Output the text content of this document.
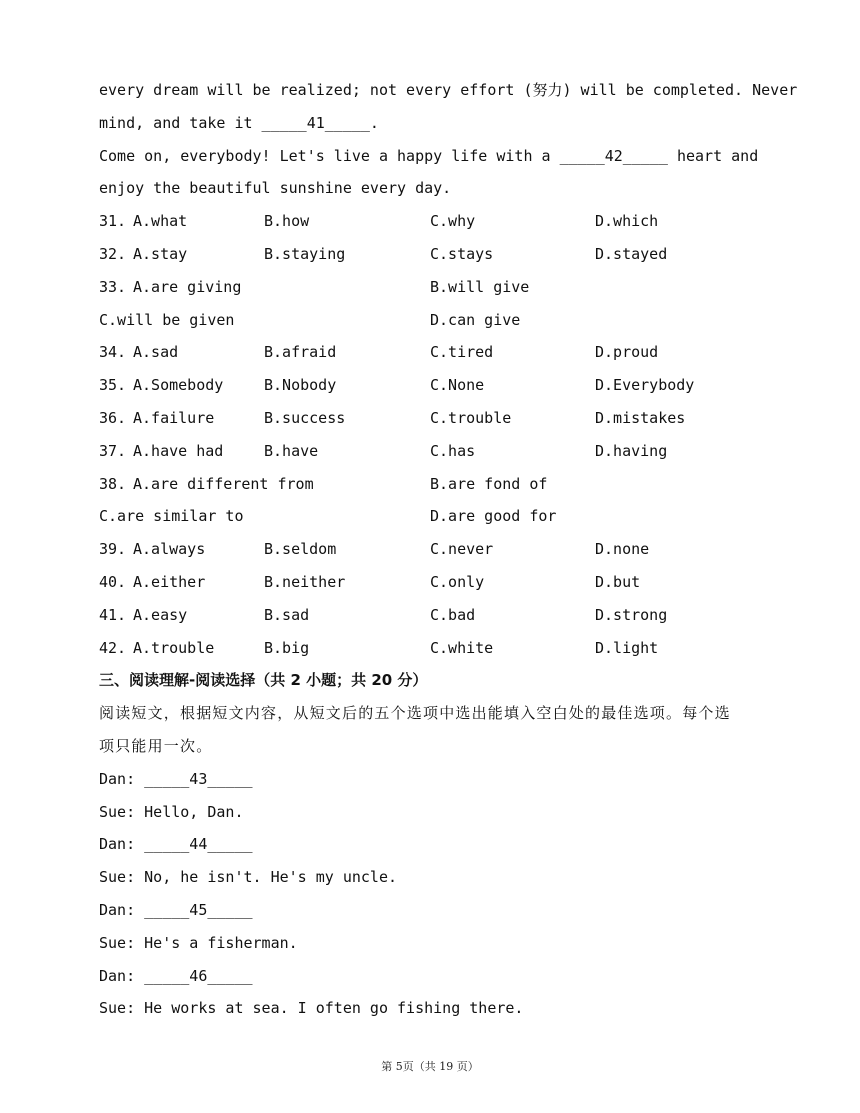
every dream will be realized; not every effort (努力) will be completed. Never
mind, and take it _____41_____.
Come on, everybody! Let's live a happy life with a _____42_____ heart and
enjoy the beautiful sunshine every day.
31. A.what	B.how	C.why	D.which
32. A.stay	B.staying	C.stays	D.stayed
33. A.are giving	B.will give
C.will be given	D.can give
34. A.sad	B.afraid	C.tired	D.proud
35. A.Somebody	B.Nobody	C.None	D.Everybody
36. A.failure	B.success	C.trouble	D.mistakes
37. A.have had	B.have	C.has	D.having
38. A.are different from	B.are fond of
C.are similar to	D.are good for
39. A.always	B.seldom	C.never	D.none
40. A.either	B.neither	C.only	D.but
41. A.easy	B.sad	C.bad	D.strong
42. A.trouble	B.big	C.white	D.light
三、阅读理解-阅读选择（共 2 小题；共 20 分）
阅读短文，根据短文内容，从短文后的五个选项中选出能填入空白处的最佳选项。每个选
项只能用一次。
Dan: _____43_____
Sue: Hello, Dan.
Dan: _____44_____
Sue: No, he isn't. He's my uncle.
Dan: _____45_____
Sue: He's a fisherman.
Dan: _____46_____
Sue: He works at sea. I often go fishing there.
第 5页（共 19 页）
